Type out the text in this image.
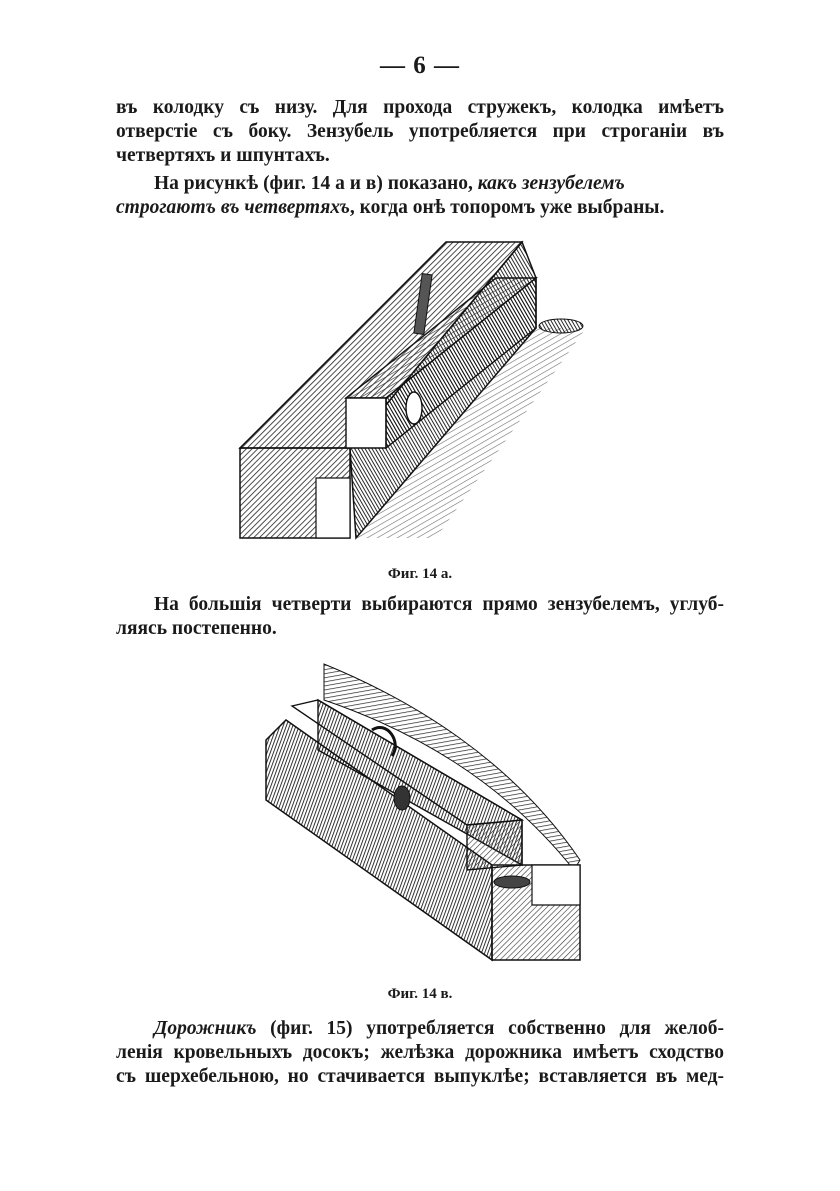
— 6 —
въ колодку съ низу. Для прохода стружекъ, колодка имѣетъ
отверстіе съ боку. Зензубель употребляется при строганіи въ
четвертяхъ и шпунтахъ.
На рисункѣ (фиг. 14 а и в) показано, какъ зензубелемъ
строгаютъ въ четвертяхъ, когда онѣ топоромъ уже выбраны.
Фиг. 14 а.
На большія четверти выбираются прямо зензубелемъ, углуб-
ляясь постепенно.
Фиг. 14 в.
Дорожникъ (фиг. 15) употребляется собственно для желоб-
ленія кровельныхъ досокъ; желѣзка дорожника имѣетъ сходство
съ шерхебельною, но стачивается выпуклѣе; вставляется въ мед-
